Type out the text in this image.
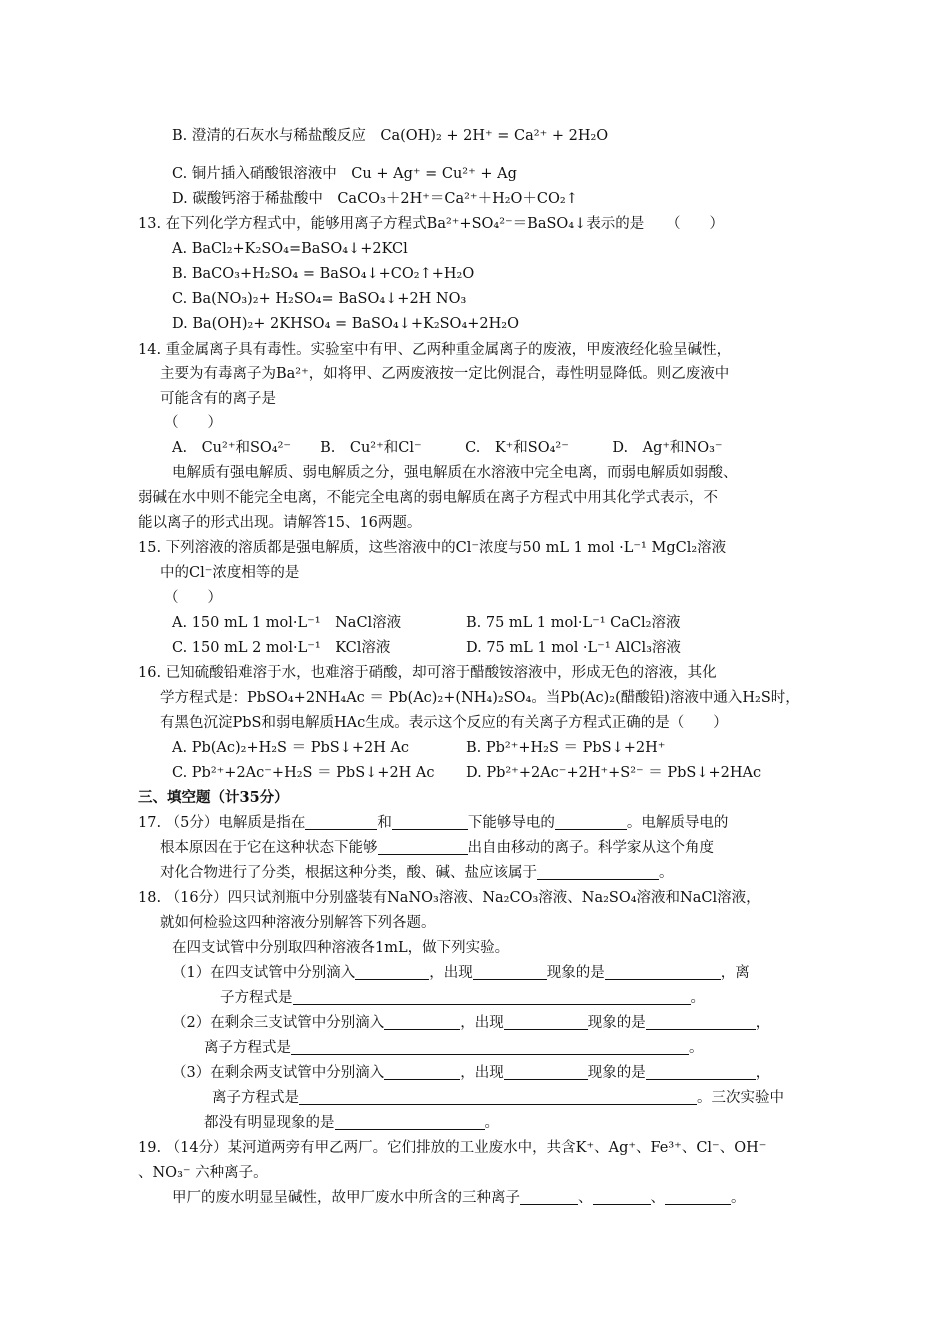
B. 澄清的石灰水与稀盐酸反应　Ca(OH)₂ + 2H⁺ = Ca²⁺ + 2H₂O
C. 铜片插入硝酸银溶液中　Cu + Ag⁺ = Cu²⁺ + Ag
D. 碳酸钙溶于稀盐酸中　CaCO₃＋2H⁺＝Ca²⁺＋H₂O＋CO₂↑
13. 在下列化学方程式中，能够用离子方程式Ba²⁺+SO₄²⁻＝BaSO₄↓表示的是　　（　　）
A. BaCl₂+K₂SO₄=BaSO₄↓+2KCl
B. BaCO₃+H₂SO₄ = BaSO₄↓+CO₂↑+H₂O
C. Ba(NO₃)₂+ H₂SO₄= BaSO₄↓+2H NO₃
D. Ba(OH)₂+ 2KHSO₄ = BaSO₄↓+K₂SO₄+2H₂O
14. 重金属离子具有毒性。实验室中有甲、乙两种重金属离子的废液，甲废液经化验呈碱性，
主要为有毒离子为Ba²⁺，如将甲、乙两废液按一定比例混合，毒性明显降低。则乙废液中
可能含有的离子是
（　　）
A.　Cu²⁺和SO₄²⁻　　B.　Cu²⁺和Cl⁻　　　C.　K⁺和SO₄²⁻　　　D.　Ag⁺和NO₃⁻
电解质有强电解质、弱电解质之分，强电解质在水溶液中完全电离，而弱电解质如弱酸、
弱碱在水中则不能完全电离，不能完全电离的弱电解质在离子方程式中用其化学式表示，不
能以离子的形式出现。请解答15、16两题。
15. 下列溶液的溶质都是强电解质，这些溶液中的Cl⁻浓度与50 mL 1 mol ·L⁻¹ MgCl₂溶液
中的Cl⁻浓度相等的是
（　　）
A. 150 mL 1 mol·L⁻¹　NaCl溶液	B. 75 mL 1 mol·L⁻¹ CaCl₂溶液
C. 150 mL 2 mol·L⁻¹　KCl溶液	D. 75 mL 1 mol ·L⁻¹ AlCl₃溶液
16. 已知硫酸铅难溶于水，也难溶于硝酸，却可溶于醋酸铵溶液中，形成无色的溶液，其化
学方程式是：PbSO₄+2NH₄Ac ＝ Pb(Ac)₂+(NH₄)₂SO₄。当Pb(Ac)₂(醋酸铅)溶液中通入H₂S时，
有黑色沉淀PbS和弱电解质HAc生成。表示这个反应的有关离子方程式正确的是（　　）
A. Pb(Ac)₂+H₂S ＝ PbS↓+2H Ac	B. Pb²⁺+H₂S ＝ PbS↓+2H⁺
C. Pb²⁺+2Ac⁻+H₂S ＝ PbS↓+2H Ac D. Pb²⁺+2Ac⁻+2H⁺+S²⁻ ＝ PbS↓+2HAc
三、填空题（计35分）
17. （5分）电解质是指在	和	下能够导电的	。电解质导电的
根本原因在于它在这种状态下能够	出自由移动的离子。科学家从这个角度
对化合物进行了分类，根据这种分类，酸、碱、盐应该属于	。
18. （16分）四只试剂瓶中分别盛装有NaNO₃溶液、Na₂CO₃溶液、Na₂SO₄溶液和NaCl溶液，
就如何检验这四种溶液分别解答下列各题。
在四支试管中分别取四种溶液各1mL，做下列实验。
（1）在四支试管中分别滴入	，出现	现象的是	，离
子方程式是	。
（2）在剩余三支试管中分别滴入	，出现	现象的是	，
离子方程式是	。
（3）在剩余两支试管中分别滴入	，出现	现象的是	，
离子方程式是	。三次实验中
都没有明显现象的是	。
19. （14分）某河道两旁有甲乙两厂。它们排放的工业废水中，共含K⁺、Ag⁺、Fe³⁺、Cl⁻、OH⁻
、NO₃⁻ 六种离子。
甲厂的废水明显呈碱性，故甲厂废水中所含的三种离子	、	、	。
